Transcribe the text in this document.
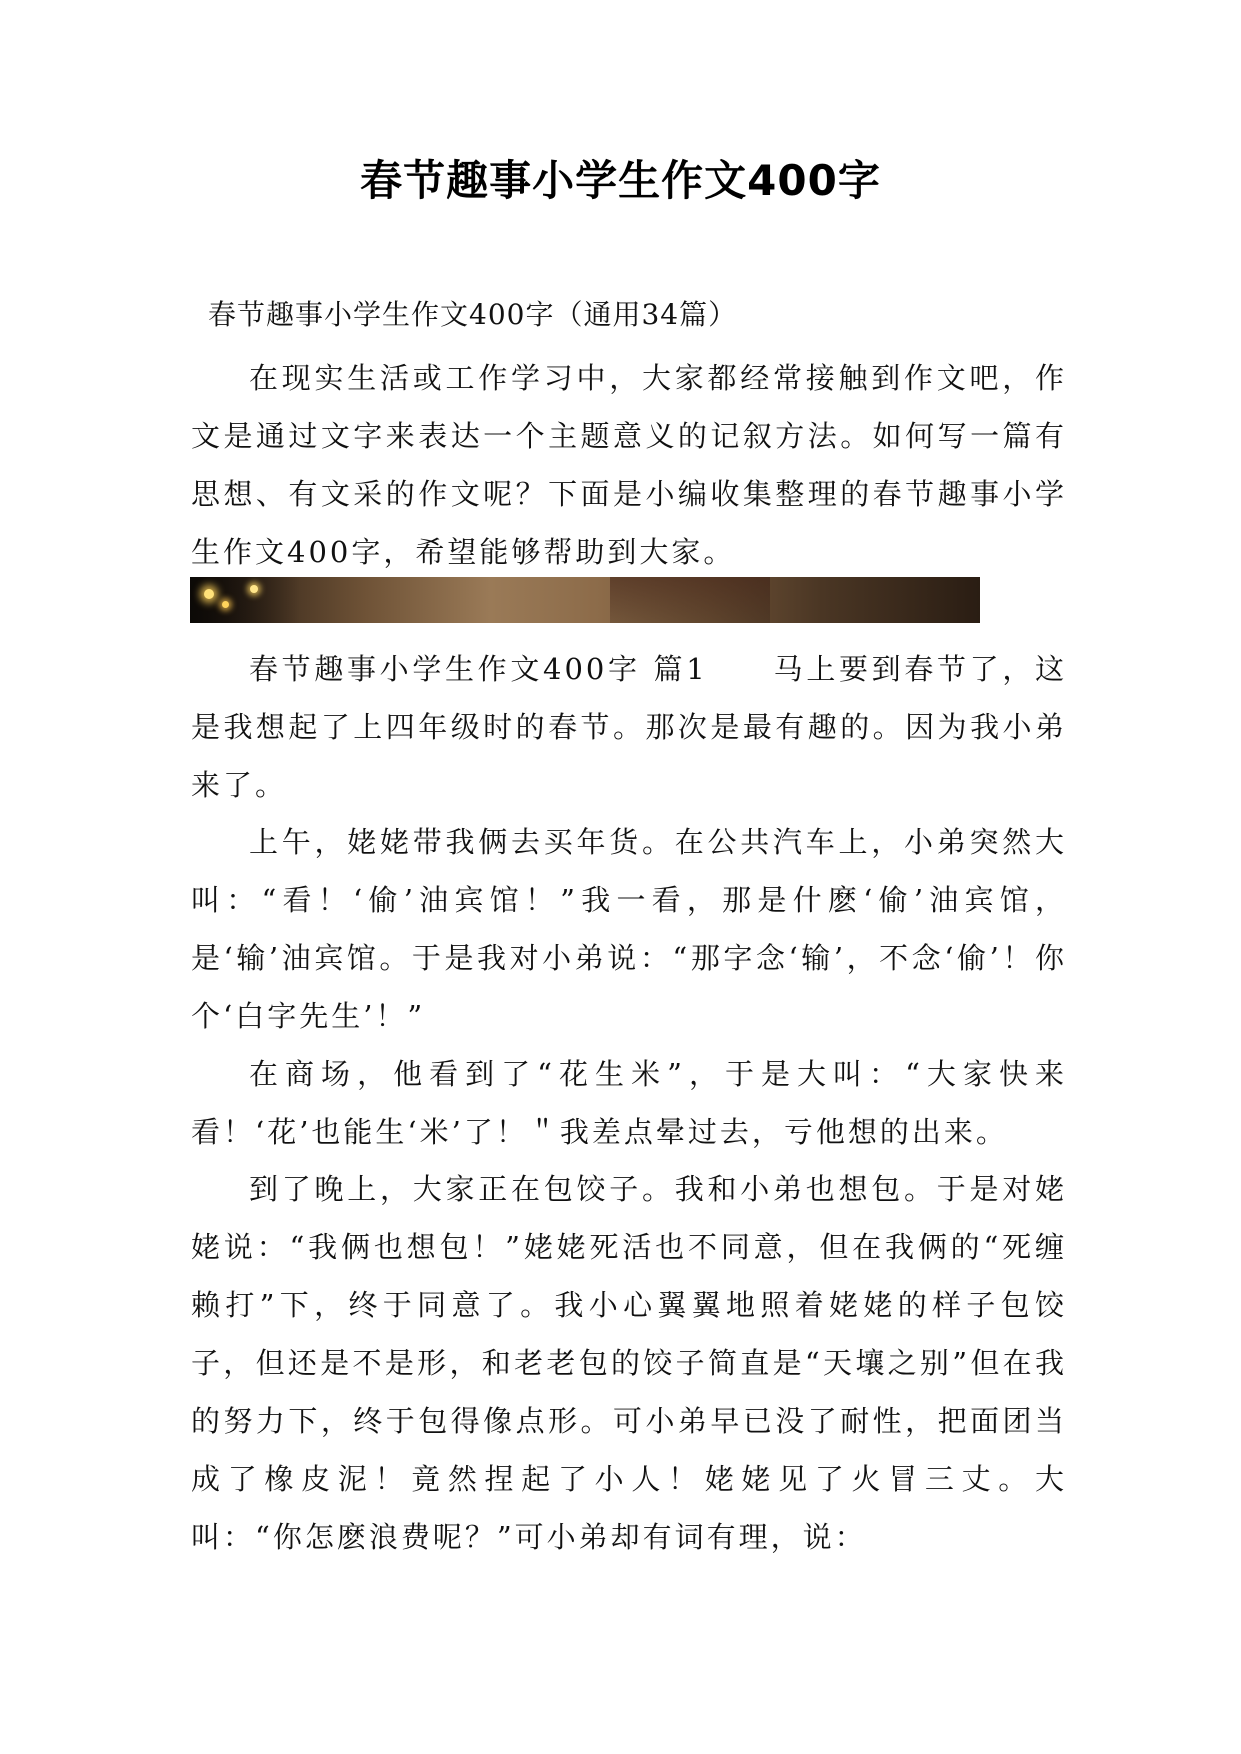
春节趣事小学生作文400字
春节趣事小学生作文400字（通用34篇）

在现实生活或工作学习中，大家都经常接触到作文吧，作文是通过文字来表达一个主题意义的记叙方法。如何写一篇有思想、有文采的作文呢？下面是小编收集整理的春节趣事小学生作文400字，希望能够帮助到大家。

春节趣事小学生作文400字 篇1　　马上要到春节了，这是我想起了上四年级时的春节。那次是最有趣的。因为我小弟来了。

上午，姥姥带我俩去买年货。在公共汽车上，小弟突然大叫：“看！‘偷’油宾馆！”我一看，那是什麽‘偷’油宾馆，是‘输’油宾馆。于是我对小弟说：“那字念‘输’，不念‘偷’！你个‘白字先生’！”

在商场，他看到了“花生米”，于是大叫：“大家快来看！‘花’也能生‘米’了！＂我差点晕过去，亏他想的出来。

到了晚上，大家正在包饺子。我和小弟也想包。于是对姥姥说：“我俩也想包！”姥姥死活也不同意，但在我俩的“死缠赖打”下，终于同意了。我小心翼翼地照着姥姥的样子包饺子，但还是不是形，和老老包的饺子简直是“天壤之别”但在我的努力下，终于包得像点形。可小弟早已没了耐性，把面团当成了橡皮泥！竟然捏起了小人！姥姥见了火冒三丈。大叫：“你怎麽浪费呢？”可小弟却有词有理，说：
